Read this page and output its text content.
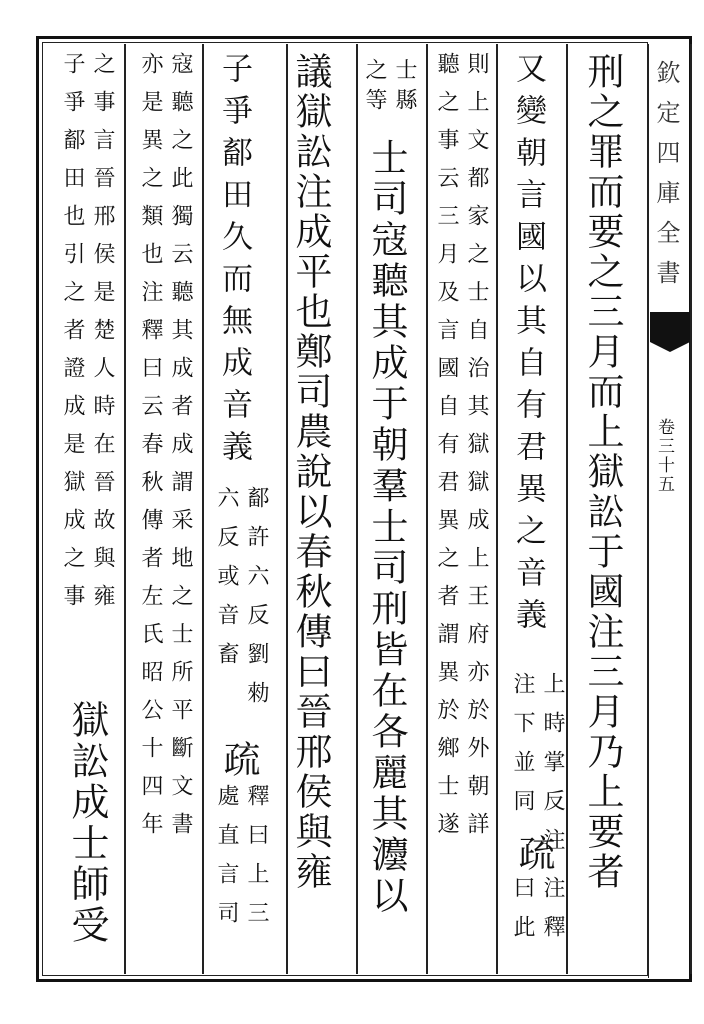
欽定四庫全書
卷三十五
刑之罪而要之三月而上獄訟于國注三月乃上要者
又變朝言國以其自有君異之音義
上時掌反注
注下並同
疏
注釋
曰此
則上文都家之士自治其獄獄成上王府亦於外朝詳
聽之事云三月及言國自有君異之者謂異於鄉士遂
士縣
之等
士司寇聽其成于朝羣士司刑皆在各麗其灋以
議獄訟注成平也鄭司農說以春秋傳曰晉邢侯與雍
子爭鄐田久而無成音義
鄐許六反劉勑
六反或音畜
疏
釋曰上三
處直言司
寇聽之此獨云聽其成者成謂采地之士所平斷文書
亦是異之類也注釋曰云春秋傳者左氏昭公十四年
之事言晉邢侯是楚人時在晉故與雍
子爭鄐田也引之者證成是獄成之事
獄訟成士師受
